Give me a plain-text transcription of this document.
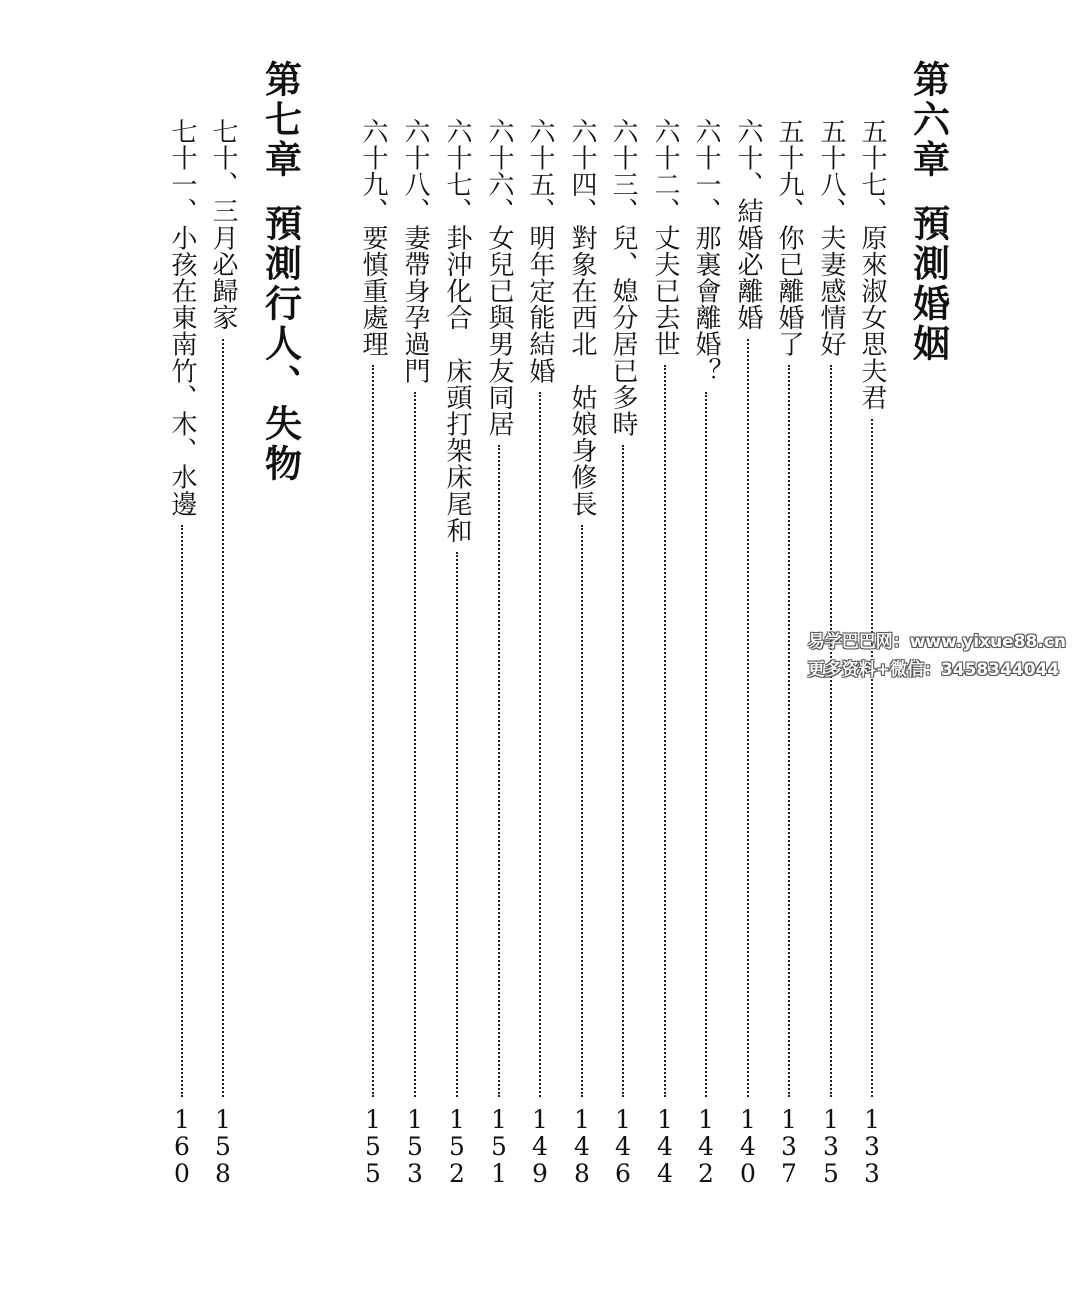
第六章預測婚姻
五十七、原來淑女思夫君
1
3
3
五十八、夫妻感情好
1
3
5
五十九、你已離婚了
1
3
7
六十、結婚必離婚
1
4
0
六十一、那裏會離婚？
1
4
2
六十二、丈夫已去世
1
4
4
六十三、兒、媳分居已多時
1
4
6
六十四、對象在西北　姑娘身修長
1
4
8
六十五、明年定能結婚
1
4
9
六十六、女兒已與男友同居
1
5
1
六十七、卦沖化合　床頭打架床尾和
1
5
2
六十八、妻帶身孕過門
1
5
3
六十九、要慎重處理
1
5
5
第七章預測行人、失物
七十、三月必歸家
1
5
8
七十一、小孩在東南竹、木、水邊
1
6
0
易学巴巴网：www.yixue88.cn
更多资料+微信：3458344044
